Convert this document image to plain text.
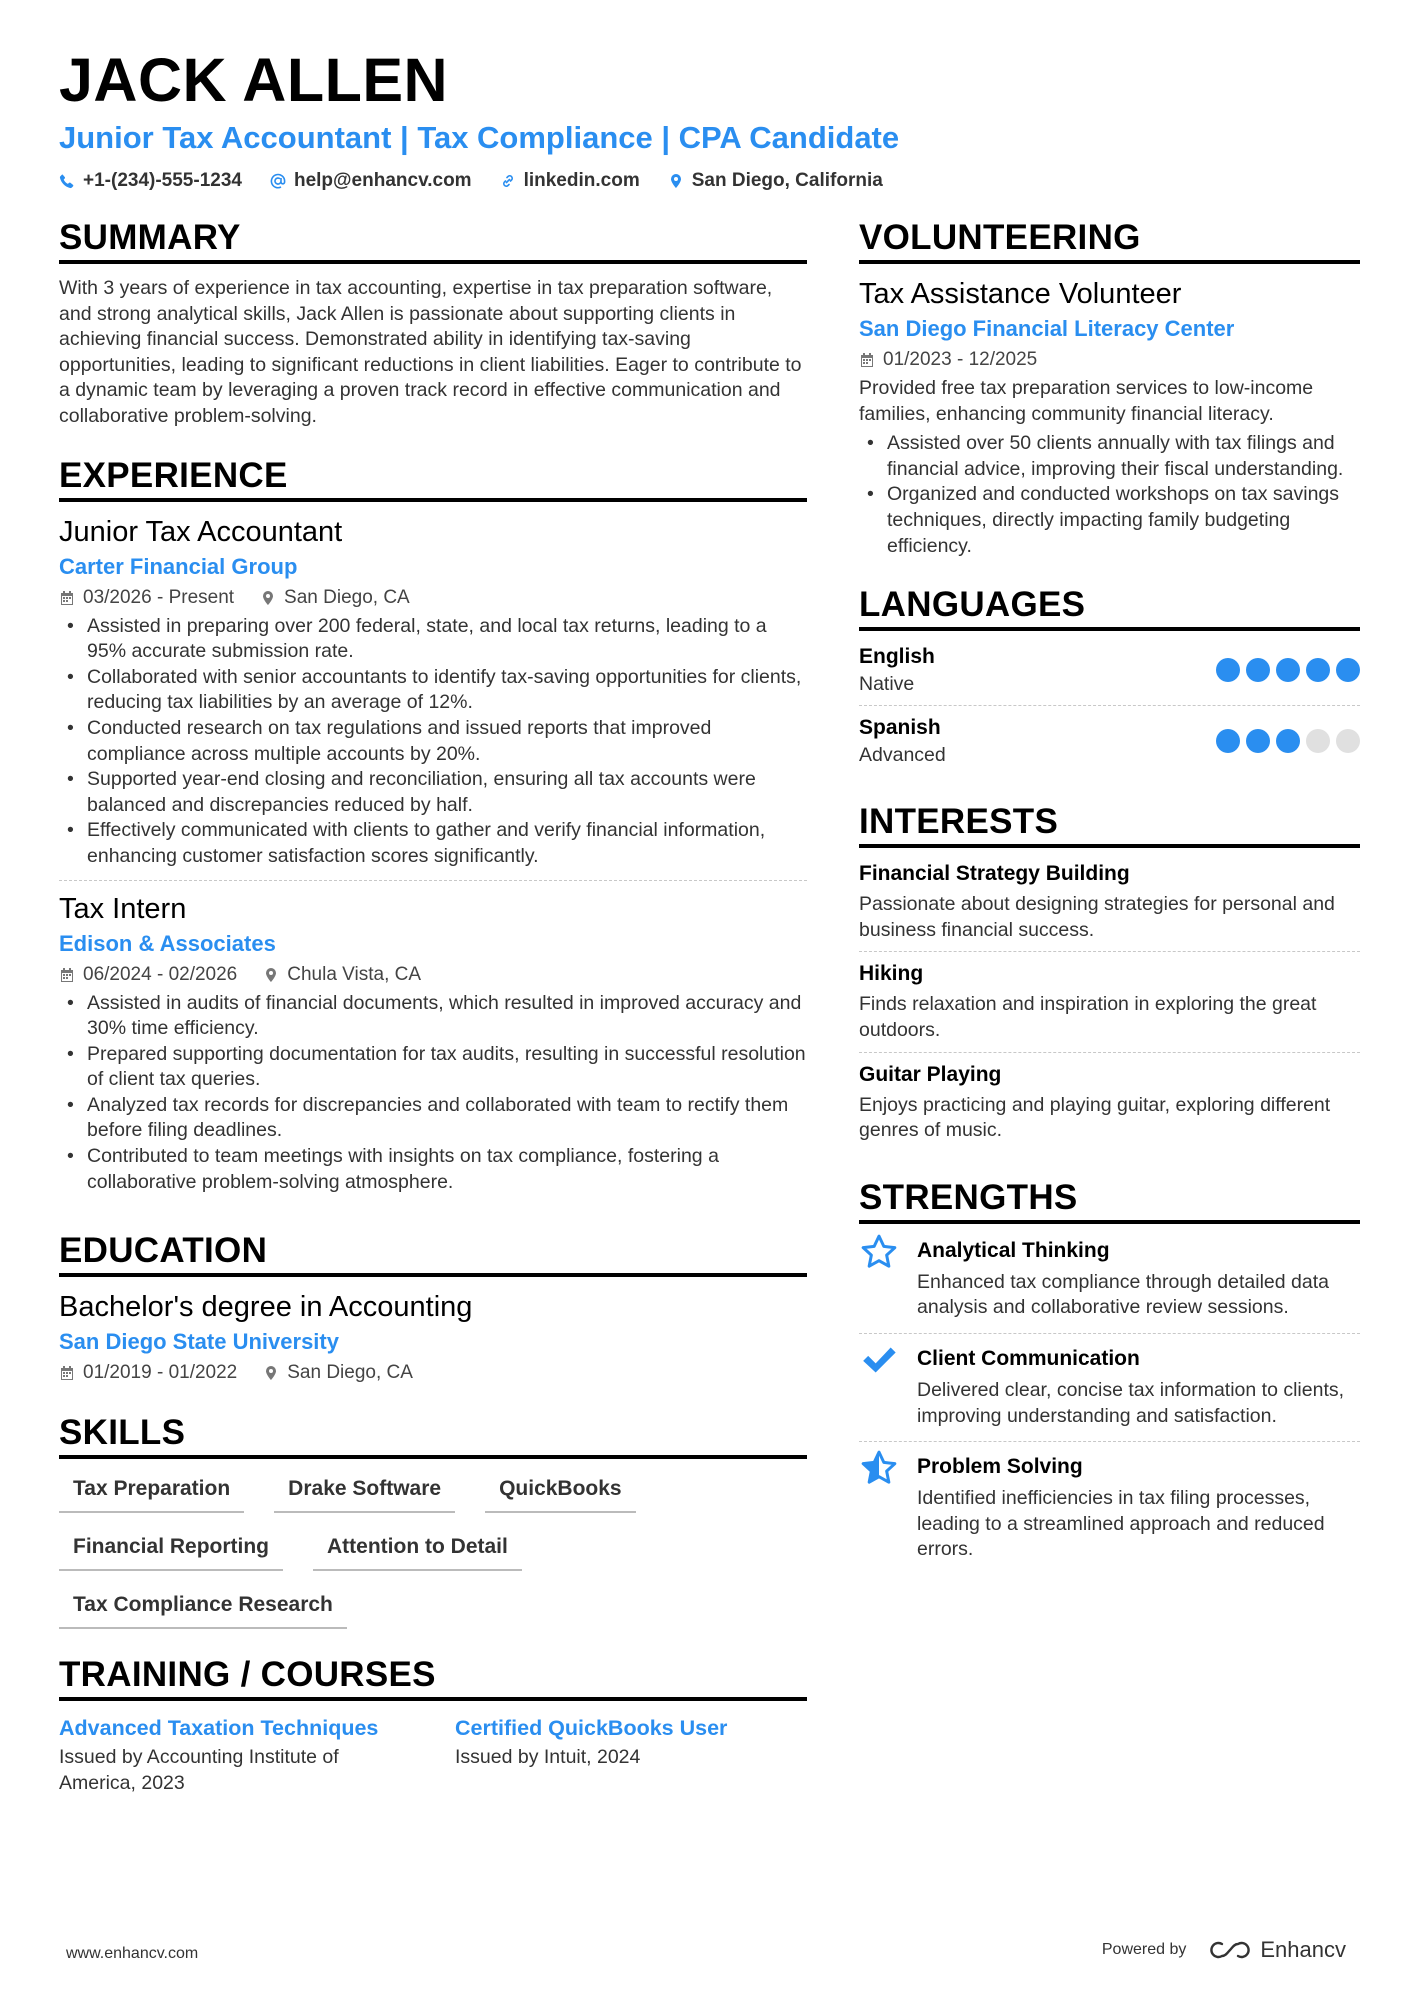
JACK ALLEN
Junior Tax Accountant | Tax Compliance | CPA Candidate
+1-(234)-555-1234	help@enhancv.com	linkedin.com	San Diego, California
SUMMARY
With 3 years of experience in tax accounting, expertise in tax preparation software, and strong analytical skills, Jack Allen is passionate about supporting clients in achieving financial success. Demonstrated ability in identifying tax-saving opportunities, leading to significant reductions in client liabilities. Eager to contribute to a dynamic team by leveraging a proven track record in effective communication and collaborative problem-solving.
EXPERIENCE
Junior Tax Accountant
Carter Financial Group
03/2026 - Present	San Diego, CA
• Assisted in preparing over 200 federal, state, and local tax returns, leading to a 95% accurate submission rate.
• Collaborated with senior accountants to identify tax-saving opportunities for clients, reducing tax liabilities by an average of 12%.
• Conducted research on tax regulations and issued reports that improved compliance across multiple accounts by 20%.
• Supported year-end closing and reconciliation, ensuring all tax accounts were balanced and discrepancies reduced by half.
• Effectively communicated with clients to gather and verify financial information, enhancing customer satisfaction scores significantly.
Tax Intern
Edison & Associates
06/2024 - 02/2026	Chula Vista, CA
• Assisted in audits of financial documents, which resulted in improved accuracy and 30% time efficiency.
• Prepared supporting documentation for tax audits, resulting in successful resolution of client tax queries.
• Analyzed tax records for discrepancies and collaborated with team to rectify them before filing deadlines.
• Contributed to team meetings with insights on tax compliance, fostering a collaborative problem-solving atmosphere.
EDUCATION
Bachelor's degree in Accounting
San Diego State University
01/2019 - 01/2022	San Diego, CA
SKILLS
Tax Preparation	Drake Software	QuickBooks
Financial Reporting	Attention to Detail
Tax Compliance Research
TRAINING / COURSES
Advanced Taxation Techniques
Issued by Accounting Institute of America, 2023
Certified QuickBooks User
Issued by Intuit, 2024
VOLUNTEERING
Tax Assistance Volunteer
San Diego Financial Literacy Center
01/2023 - 12/2025
Provided free tax preparation services to low-income families, enhancing community financial literacy.
• Assisted over 50 clients annually with tax filings and financial advice, improving their fiscal understanding.
• Organized and conducted workshops on tax savings techniques, directly impacting family budgeting efficiency.
LANGUAGES
English
Native
Spanish
Advanced
INTERESTS
Financial Strategy Building
Passionate about designing strategies for personal and business financial success.
Hiking
Finds relaxation and inspiration in exploring the great outdoors.
Guitar Playing
Enjoys practicing and playing guitar, exploring different genres of music.
STRENGTHS
Analytical Thinking
Enhanced tax compliance through detailed data analysis and collaborative review sessions.
Client Communication
Delivered clear, concise tax information to clients, improving understanding and satisfaction.
Problem Solving
Identified inefficiencies in tax filing processes, leading to a streamlined approach and reduced errors.
www.enhancv.com	Powered by	Enhancv
